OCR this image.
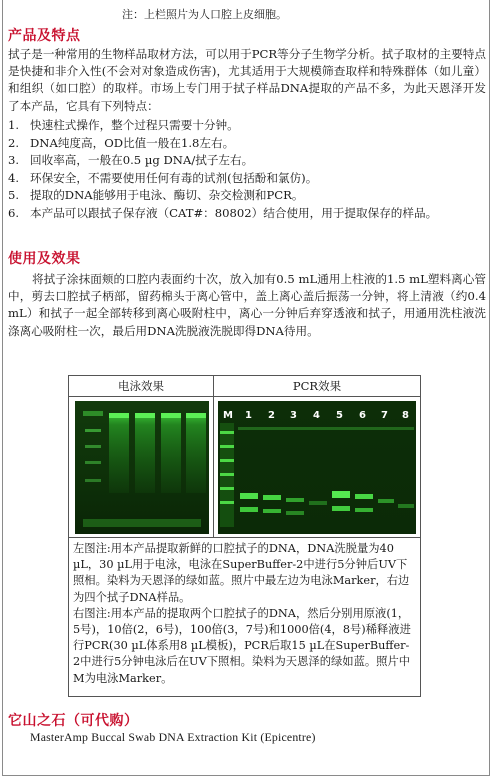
注：上栏照片为人口腔上皮细胞。
产品及特点
拭子是一种常用的生物样品取材方法，可以用于PCR等分子生物学分析。拭子取材的主要特点是快捷和非介入性(不会对对象造成伤害)，尤其适用于大规模筛查取样和特殊群体（如儿童）和组织（如口腔）的取样。市场上专门用于拭子样品DNA提取的产品不多，为此天恩泽开发了本产品，它具有下列特点：
1. 快速柱式操作，整个过程只需要十分钟。
2. DNA纯度高，OD比值一般在1.8左右。
3. 回收率高，一般在0.5 µg DNA/拭子左右。
4. 环保安全，不需要使用任何有毒的试剂(包括酚和氯仿)。
5. 提取的DNA能够用于电泳、酶切、杂交检测和PCR。
6. 本产品可以跟拭子保存液（CAT#：80802）结合使用，用于提取保存的样品。
使用及效果
将拭子涂抹面颊的口腔内表面约十次，放入加有0.5 mL通用上柱液的1.5 mL塑料离心管中，剪去口腔拭子柄部，留药棉头于离心管中，盖上离心盖后振荡一分钟，将上清液（约0.4 mL）和拭子一起全部转移到离心吸附柱中，离心一分钟后弃穿透液和拭子，用通用洗柱液洗涤离心吸附柱一次，最后用DNA洗脱液洗脱即得DNA待用。
电泳效果	PCR效果
M 1 2 3 4 5 6 7 8
左图注:用本产品提取新鲜的口腔拭子的DNA，DNA洗脱量为40 µL，30 µL用于电泳，电泳在SuperBuffer-2中进行5分钟后UV下照相。染料为天恩泽的绿如蓝。照片中最左边为电泳Marker，右边为四个拭子DNA样品。
右图注:用本产品的提取两个口腔拭子的DNA，然后分别用原液(1，5号)，10倍(2，6号)，100倍(3，7号)和1000倍(4，8号)稀释液进行PCR(30 µL体系用8 µL模板)，PCR后取15 µL在SuperBuffer-2中进行5分钟电泳后在UV下照相。染料为天恩泽的绿如蓝。照片中M为电泳Marker。
它山之石（可代购）
MasterAmp Buccal Swab DNA Extraction Kit (Epicentre)
